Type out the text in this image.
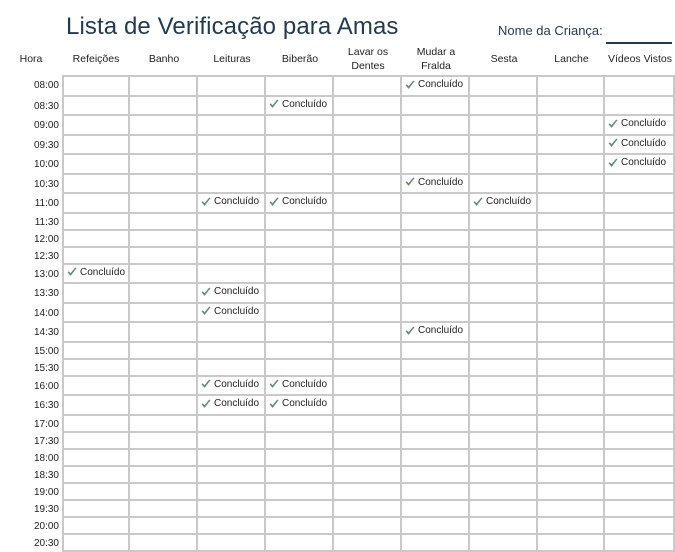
Lista de Verificação para Amas	Nome da Criança:
Hora	Refeições	Banho	Leituras	Biberão	Lavar os Dentes	Mudar a Fralda	Sesta	Lanche	Vídeos Vistos
08:00						Concluído			

08:30				Concluído					

09:00									Concluído

09:30									Concluído

10:00									Concluído

10:30						Concluído			

11:00			Concluído	Concluído			Concluído		

11:30									
12:00									
12:30									
13:00	Concluído								

13:30			Concluído						

14:00			Concluído						

14:30						Concluído			

15:00									
15:30									
16:00			Concluído	Concluído					

16:30			Concluído	Concluído					

17:00									
17:30									
18:00									
18:30									
19:00									
19:30									
20:00									
20:30									
